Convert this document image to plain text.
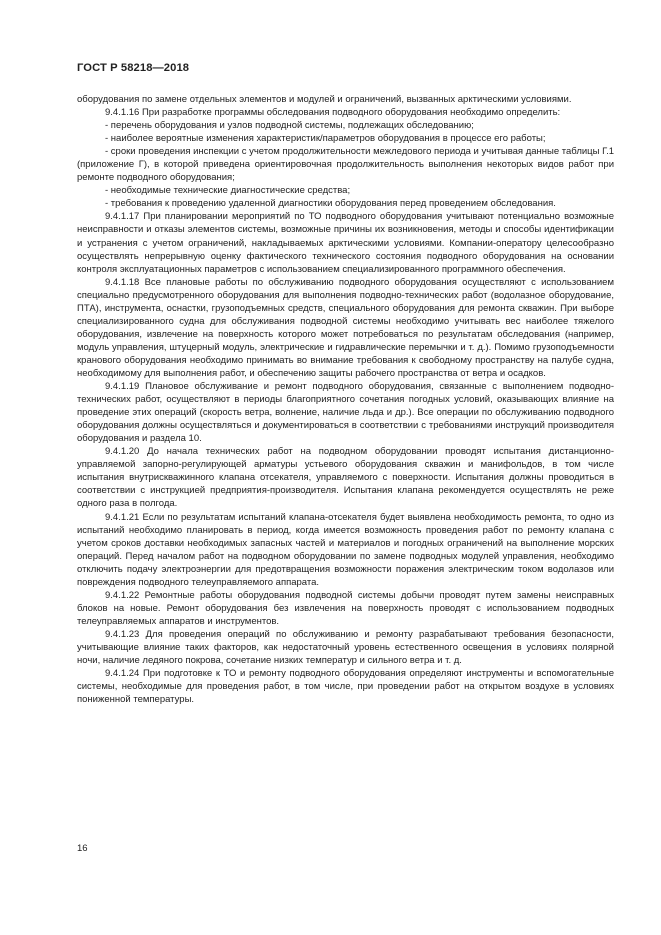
ГОСТ Р 58218—2018

оборудования по замене отдельных элементов и модулей и ограничений, вызванных арктическими условиями.

9.4.1.16 При разработке программы обследования подводного оборудования необходимо определить:

- перечень оборудования и узлов подводной системы, подлежащих обследованию;

- наиболее вероятные изменения характеристик/параметров оборудования в процессе его работы;

- сроки проведения инспекции с учетом продолжительности межледового периода и учитывая данные таблицы Г.1 (приложение Г), в которой приведена ориентировочная продолжительность выполнения некоторых видов работ при ремонте подводного оборудования;

- необходимые технические диагностические средства;

- требования к проведению удаленной диагностики оборудования перед проведением обследования.

9.4.1.17 При планировании мероприятий по ТО подводного оборудования учитывают потенциально возможные неисправности и отказы элементов системы, возможные причины их возникновения, методы и способы идентификации и устранения с учетом ограничений, накладываемых арктическими условиями. Компании-оператору целесообразно осуществлять непрерывную оценку фактического технического состояния подводного оборудования на основании контроля эксплуатационных параметров с использованием специализированного программного обеспечения.

9.4.1.18 Все плановые работы по обслуживанию подводного оборудования осуществляют с использованием специально предусмотренного оборудования для выполнения подводно-технических работ (водолазное оборудование, ПТА), инструмента, оснастки, грузоподъемных средств, специального оборудования для ремонта скважин. При выборе специализированного судна для обслуживания подводной системы необходимо учитывать вес наиболее тяжелого оборудования, извлечение на поверхность которого может потребоваться по результатам обследования (например, модуль управления, штуцерный модуль, электрические и гидравлические перемычки и т. д.). Помимо грузоподъемности кранового оборудования необходимо принимать во внимание требования к свободному пространству на палубе судна, необходимому для выполнения работ, и обеспечению защиты рабочего пространства от ветра и осадков.

9.4.1.19 Плановое обслуживание и ремонт подводного оборудования, связанные с выполнением подводно-технических работ, осуществляют в периоды благоприятного сочетания погодных условий, оказывающих влияние на проведение этих операций (скорость ветра, волнение, наличие льда и др.). Все операции по обслуживанию подводного оборудования должны осуществляться и документироваться в соответствии с требованиями инструкций производителя оборудования и раздела 10.

9.4.1.20 До начала технических работ на подводном оборудовании проводят испытания дистанционно-управляемой запорно-регулирующей арматуры устьевого оборудования скважин и манифольдов, в том числе испытания внутрискважинного клапана отсекателя, управляемого с поверхности. Испытания должны проводиться в соответствии с инструкцией предприятия-производителя. Испытания клапана рекомендуется осуществлять не реже одного раза в полгода.

9.4.1.21 Если по результатам испытаний клапана-отсекателя будет выявлена необходимость ремонта, то одно из испытаний необходимо планировать в период, когда имеется возможность проведения работ по ремонту клапана с учетом сроков доставки необходимых запасных частей и материалов и погодных ограничений на выполнение морских операций. Перед началом работ на подводном оборудовании по замене подводных модулей управления, необходимо отключить подачу электроэнергии для предотвращения возможности поражения электрическим током водолазов или повреждения подводного телеуправляемого аппарата.

9.4.1.22 Ремонтные работы оборудования подводной системы добычи проводят путем замены неисправных блоков на новые. Ремонт оборудования без извлечения на поверхность проводят с использованием подводных телеуправляемых аппаратов и инструментов.

9.4.1.23 Для проведения операций по обслуживанию и ремонту разрабатывают требования безопасности, учитывающие влияние таких факторов, как недостаточный уровень естественного освещения в условиях полярной ночи, наличие ледяного покрова, сочетание низких температур и сильного ветра и т. д.

9.4.1.24 При подготовке к ТО и ремонту подводного оборудования определяют инструменты и вспомогательные системы, необходимые для проведения работ, в том числе, при проведении работ на открытом воздухе в условиях пониженной температуры.

16
